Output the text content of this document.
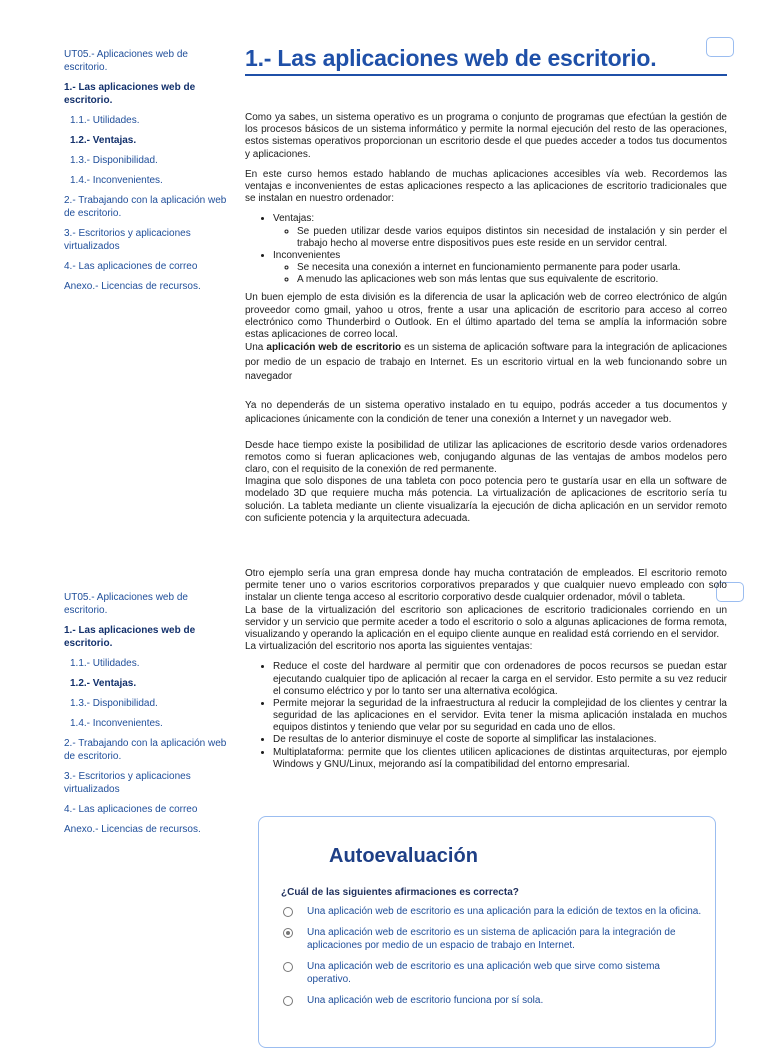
UT05.- Aplicaciones web de escritorio.
1.- Las aplicaciones web de escritorio.
1.1.- Utilidades.
1.2.- Ventajas.
1.3.- Disponibilidad.
1.4.- Inconvenientes.
2.- Trabajando con la aplicación web de escritorio.
3.- Escritorios y aplicaciones virtualizados
4.- Las aplicaciones de correo
Anexo.- Licencias de recursos.
1.- Las aplicaciones web de escritorio.

Como ya sabes, un sistema operativo es un programa o conjunto de programas que efectúan la gestión de los procesos básicos de un sistema informático y permite la normal ejecución del resto de las operaciones, estos sistemas operativos proporcionan un escritorio desde el que puedes acceder a todos tus documentos y aplicaciones.

En este curso hemos estado hablando de muchas aplicaciones accesibles vía web. Recordemos las ventajas e inconvenientes de estas aplicaciones respecto a las aplicaciones de escritorio tradicionales que se instalan en nuestro ordenador:

• Ventajas:
◦ Se pueden utilizar desde varios equipos distintos sin necesidad de instalación y sin perder el trabajo hecho al moverse entre dispositivos pues este reside en un servidor central.
• Inconvenientes
◦ Se necesita una conexión a internet en funcionamiento permanente para poder usarla.
◦ A menudo las aplicaciones web son más lentas que sus equivalente de escritorio.

Un buen ejemplo de esta división es la diferencia de usar la aplicación web de correo electrónico de algún proveedor como gmail, yahoo u otros, frente a usar una aplicación de escritorio para acceso al correo electrónico como Thunderbird o Outlook. En el último apartado del tema se amplía la información sobre estas aplicaciones de correo local.

Una aplicación web de escritorio es un sistema de aplicación software para la integración de aplicaciones por medio de un espacio de trabajo en Internet. Es un escritorio virtual en la web funcionando sobre un navegador

Ya no dependerás de un sistema operativo instalado en tu equipo, podrás acceder a tus documentos y aplicaciones únicamente con la condición de tener una conexión a Internet y un navegador web.

Desde hace tiempo existe la posibilidad de utilizar las aplicaciones de escritorio desde varios ordenadores remotos como si fueran aplicaciones web, conjugando algunas de las ventajas de ambos modelos pero claro, con el requisito de la conexión de red permanente.

Imagina que solo dispones de una tableta con poco potencia pero te gustaría usar en ella un software de modelado 3D que requiere mucha más potencia. La virtualización de aplicaciones de escritorio sería tu solución. La tableta mediante un cliente visualizaría la ejecución de dicha aplicación en un servidor remoto con suficiente potencia y la arquitectura adecuada.

UT05.- Aplicaciones web de escritorio.
1.- Las aplicaciones web de escritorio.
1.1.- Utilidades.
1.2.- Ventajas.
1.3.- Disponibilidad.
1.4.- Inconvenientes.
2.- Trabajando con la aplicación web de escritorio.
3.- Escritorios y aplicaciones virtualizados
4.- Las aplicaciones de correo
Anexo.- Licencias de recursos.

Otro ejemplo sería una gran empresa donde hay mucha contratación de empleados. El escritorio remoto permite tener uno o varios escritorios corporativos preparados y que cualquier nuevo empleado con solo instalar un cliente tenga acceso al escritorio corporativo desde cualquier ordenador, móvil o tableta.

La base de la virtualización del escritorio son aplicaciones de escritorio tradicionales corriendo en un servidor y un servicio que permite aceder a todo el escritorio o solo a algunas aplicaciones de forma remota, visualizando y operando la aplicación en el equipo cliente aunque en realidad está corriendo en el servidor.

La virtualización del escritorio nos aporta las siguientes ventajas:

• Reduce el coste del hardware al permitir que con ordenadores de pocos recursos se puedan estar ejecutando cualquier tipo de aplicación al recaer la carga en el servidor. Esto permite a su vez reducir el consumo eléctrico y por lo tanto ser una alternativa ecológica.
• Permite mejorar la seguridad de la infraestructura al reducir la complejidad de los clientes y centrar la seguridad de las aplicaciones en el servidor. Evita tener la misma aplicación instalada en muchos equipos distintos y teniendo que velar por su seguridad en cada uno de ellos.
• De resultas de lo anterior disminuye el coste de soporte al simplificar las instalaciones.
• Multiplataforma: permite que los clientes utilicen aplicaciones de distintas arquitecturas, por ejemplo Windows y GNU/Linux, mejorando así la compatibilidad del entorno empresarial.
Autoevaluación
¿Cuál de las siguientes afirmaciones es correcta?
Una aplicación web de escritorio es una aplicación para la edición de textos en la oficina.
Una aplicación web de escritorio es un sistema de aplicación para la integración de aplicaciones por medio de un espacio de trabajo en Internet.
Una aplicación web de escritorio es una aplicación web que sirve como sistema operativo.
Una aplicación web de escritorio funciona por sí sola.
